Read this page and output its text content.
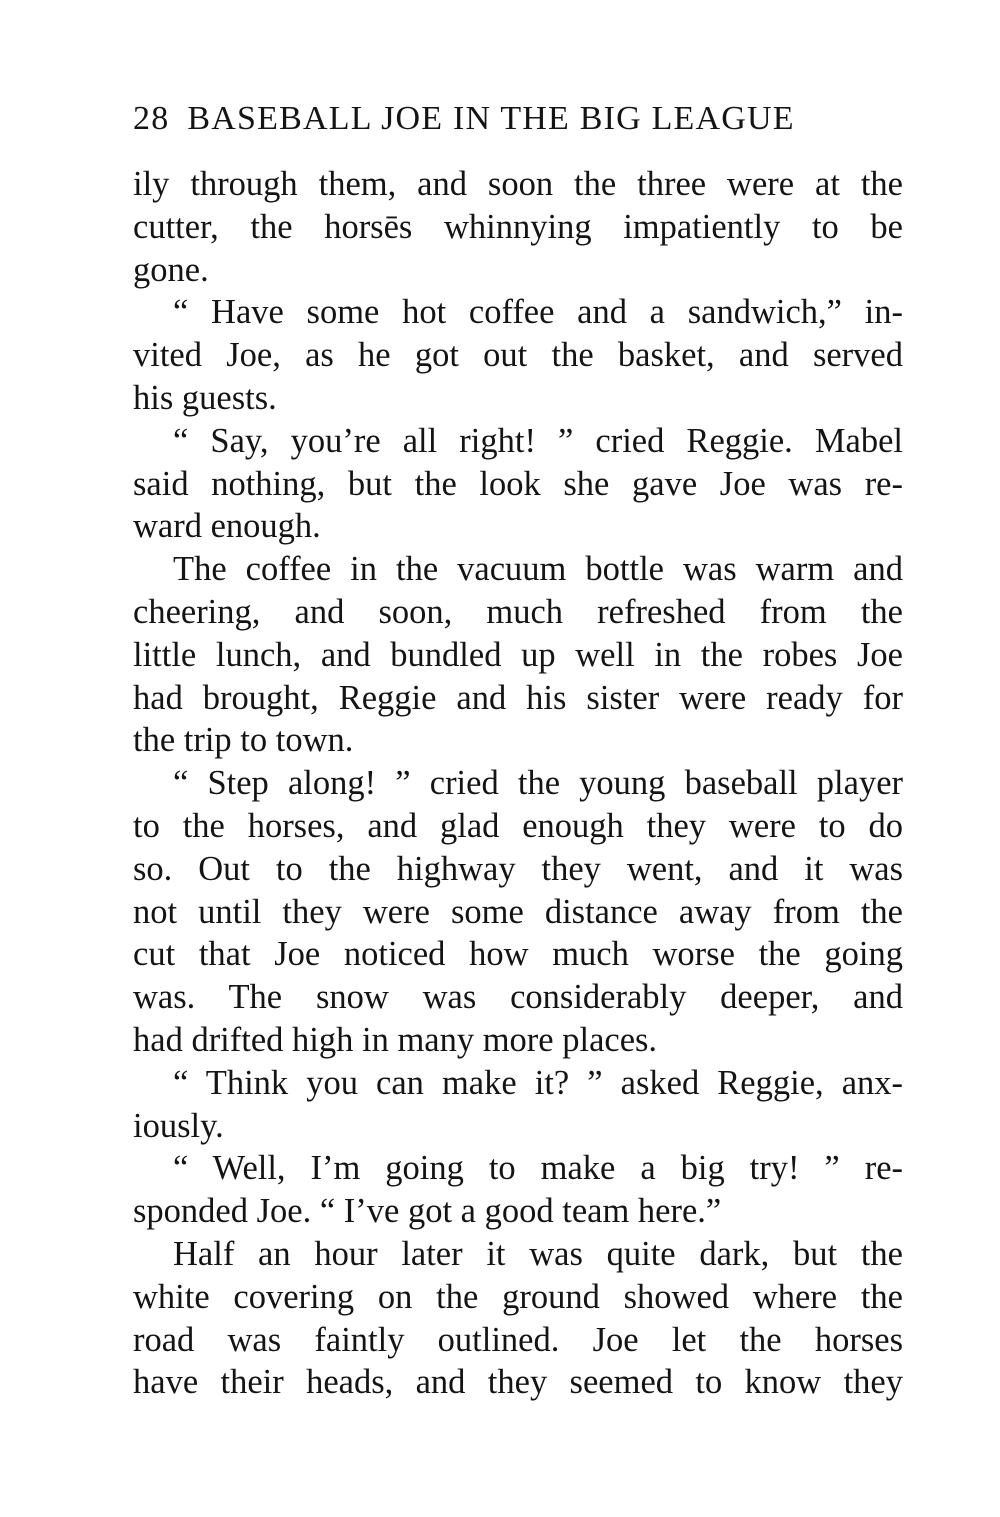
28 BASEBALL JOE IN THE BIG LEAGUE
ily through them, and soon the three were at the
cutter, the horsēs whinnying impatiently to be
gone.
“ Have some hot coffee and a sandwich,” in-
vited Joe, as he got out the basket, and served
his guests.
“ Say, you’re all right! ” cried Reggie. Mabel
said nothing, but the look she gave Joe was re-
ward enough.
The coffee in the vacuum bottle was warm and
cheering, and soon, much refreshed from the
little lunch, and bundled up well in the robes Joe
had brought, Reggie and his sister were ready for
the trip to town.
“ Step along! ” cried the young baseball player
to the horses, and glad enough they were to do
so. Out to the highway they went, and it was
not until they were some distance away from the
cut that Joe noticed how much worse the going
was. The snow was considerably deeper, and
had drifted high in many more places.
“ Think you can make it? ” asked Reggie, anx-
iously.
“ Well, I’m going to make a big try! ” re-
sponded Joe. “ I’ve got a good team here.”
Half an hour later it was quite dark, but the
white covering on the ground showed where the
road was faintly outlined. Joe let the horses
have their heads, and they seemed to know they
